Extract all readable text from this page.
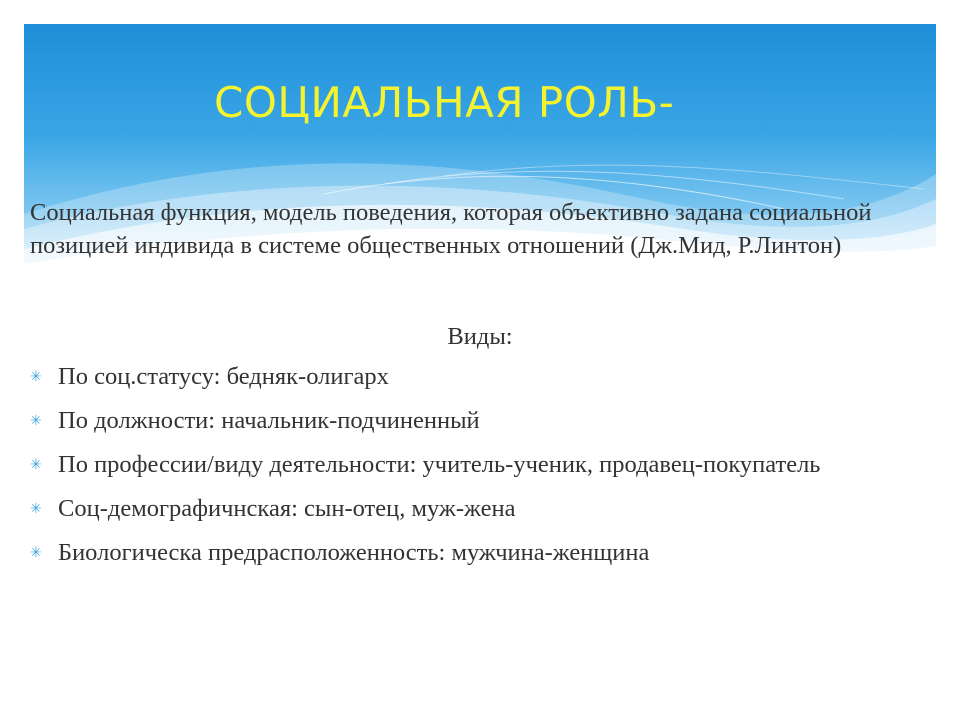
СОЦИАЛЬНАЯ РОЛЬ-
Социальная функция, модель поведения, которая объективно задана социальной позицией индивида в системе общественных отношений (Дж.Мид, Р.Линтон)
Виды:
✳ По соц.статусу: бедняк-олигарх
✳ По должности: начальник-подчиненный
✳ По профессии/виду деятельности: учитель-ученик, продавец-покупатель
✳ Соц-демографичнская: сын-отец, муж-жена
✳ Биологическа предрасположенность: мужчина-женщина
